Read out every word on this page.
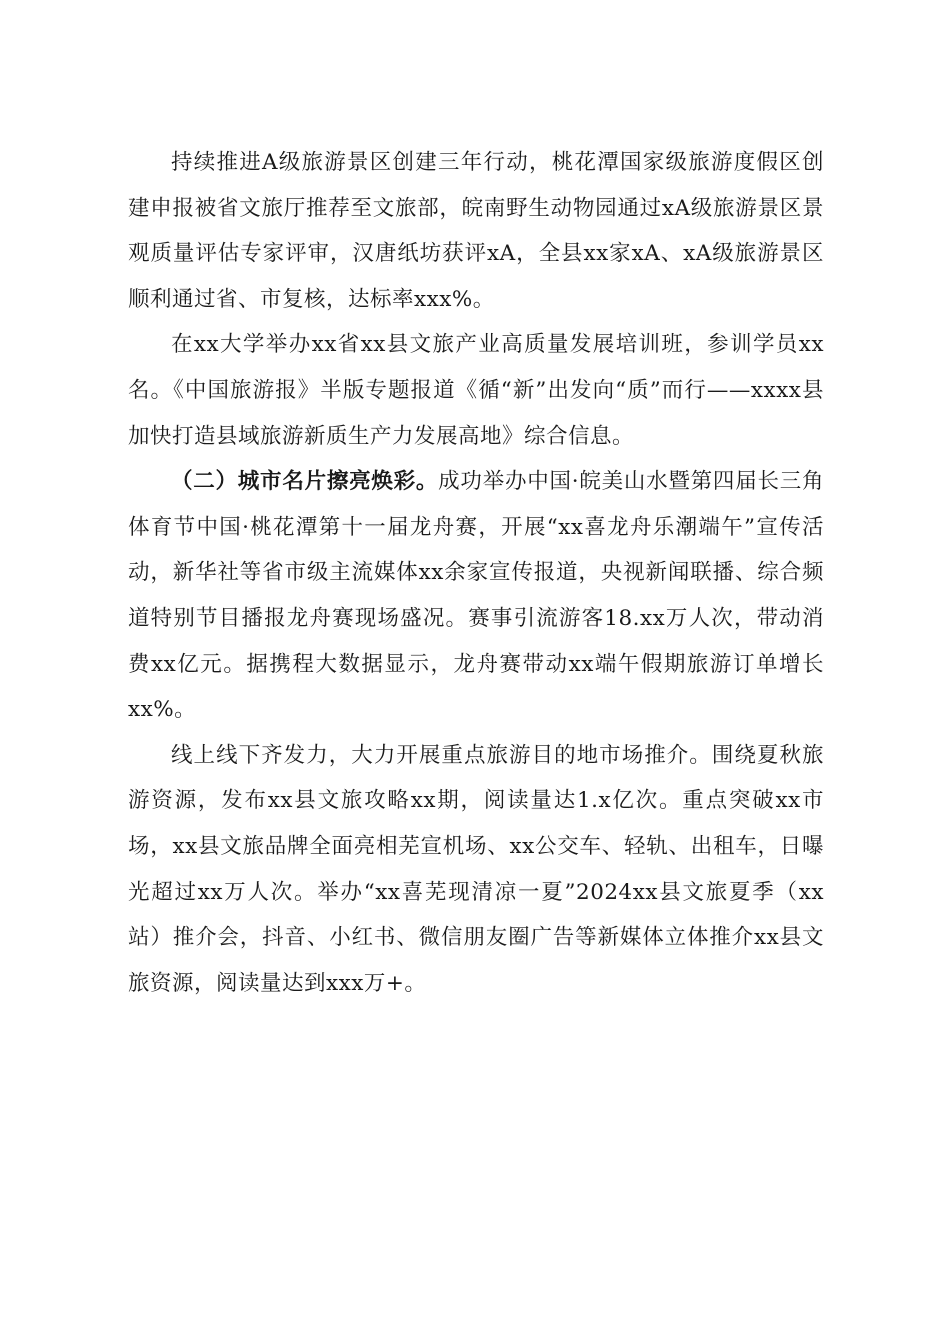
持续推进A级旅游景区创建三年行动，桃花潭国家级旅游度假区创建申报被省文旅厅推荐至文旅部，皖南野生动物园通过xA级旅游景区景观质量评估专家评审，汉唐纸坊获评xA，全县xx家xA、xA级旅游景区顺利通过省、市复核，达标率xxx%。

在xx大学举办xx省xx县文旅产业高质量发展培训班，参训学员xx名。《中国旅游报》半版专题报道《循“新”出发向“质”而行——xxxx县加快打造县域旅游新质生产力发展高地》综合信息。

（二）城市名片擦亮焕彩。成功举办中国·皖美山水暨第四届长三角体育节中国·桃花潭第十一届龙舟赛，开展“xx喜龙舟乐潮端午”宣传活动，新华社等省市级主流媒体xx余家宣传报道，央视新闻联播、综合频道特别节目播报龙舟赛现场盛况。赛事引流游客18.xx万人次，带动消费xx亿元。据携程大数据显示，龙舟赛带动xx端午假期旅游订单增长xx%。

线上线下齐发力，大力开展重点旅游目的地市场推介。围绕夏秋旅游资源，发布xx县文旅攻略xx期，阅读量达1.x亿次。重点突破xx市场，xx县文旅品牌全面亮相芜宣机场、xx公交车、轻轨、出租车，日曝光超过xx万人次。举办“xx喜芜现清凉一夏”2024xx县文旅夏季（xx站）推介会，抖音、小红书、微信朋友圈广告等新媒体立体推介xx县文旅资源，阅读量达到xxx万+。
